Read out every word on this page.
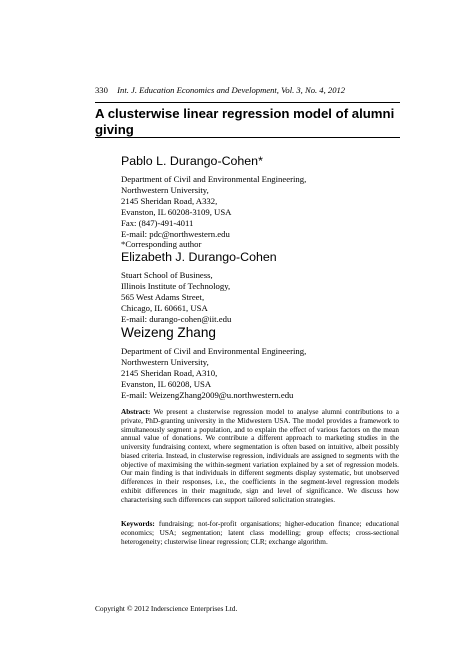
330 Int. J. Education Economics and Development, Vol. 3, No. 4, 2012
A clusterwise linear regression model of alumni giving
Pablo L. Durango-Cohen*
Department of Civil and Environmental Engineering,
Northwestern University,
2145 Sheridan Road, A332,
Evanston, IL 60208-3109, USA
Fax: (847)-491-4011
E-mail: pdc@northwestern.edu
*Corresponding author
Elizabeth J. Durango-Cohen
Stuart School of Business,
Illinois Institute of Technology,
565 West Adams Street,
Chicago, IL 60661, USA
E-mail: durango-cohen@iit.edu
Weizeng Zhang
Department of Civil and Environmental Engineering,
Northwestern University,
2145 Sheridan Road, A310,
Evanston, IL 60208, USA
E-mail: WeizengZhang2009@u.northwestern.edu
Abstract: We present a clusterwise regression model to analyse alumni contributions to a private, PhD-granting university in the Midwestern USA. The model provides a framework to simultaneously segment a population, and to explain the effect of various factors on the mean annual value of donations. We contribute a different approach to marketing studies in the university fundraising context, where segmentation is often based on intuitive, albeit possibly biased criteria. Instead, in clusterwise regression, individuals are assigned to segments with the objective of maximising the within-segment variation explained by a set of regression models. Our main finding is that individuals in different segments display systematic, but unobserved differences in their responses, i.e., the coefficients in the segment-level regression models exhibit differences in their magnitude, sign and level of significance. We discuss how characterising such differences can support tailored solicitation strategies.
Keywords: fundraising; not-for-profit organisations; higher-education finance; educational economics; USA; segmentation; latent class modelling; group effects; cross-sectional heterogeneity; clusterwise linear regression; CLR; exchange algorithm.
Copyright © 2012 Inderscience Enterprises Ltd.
